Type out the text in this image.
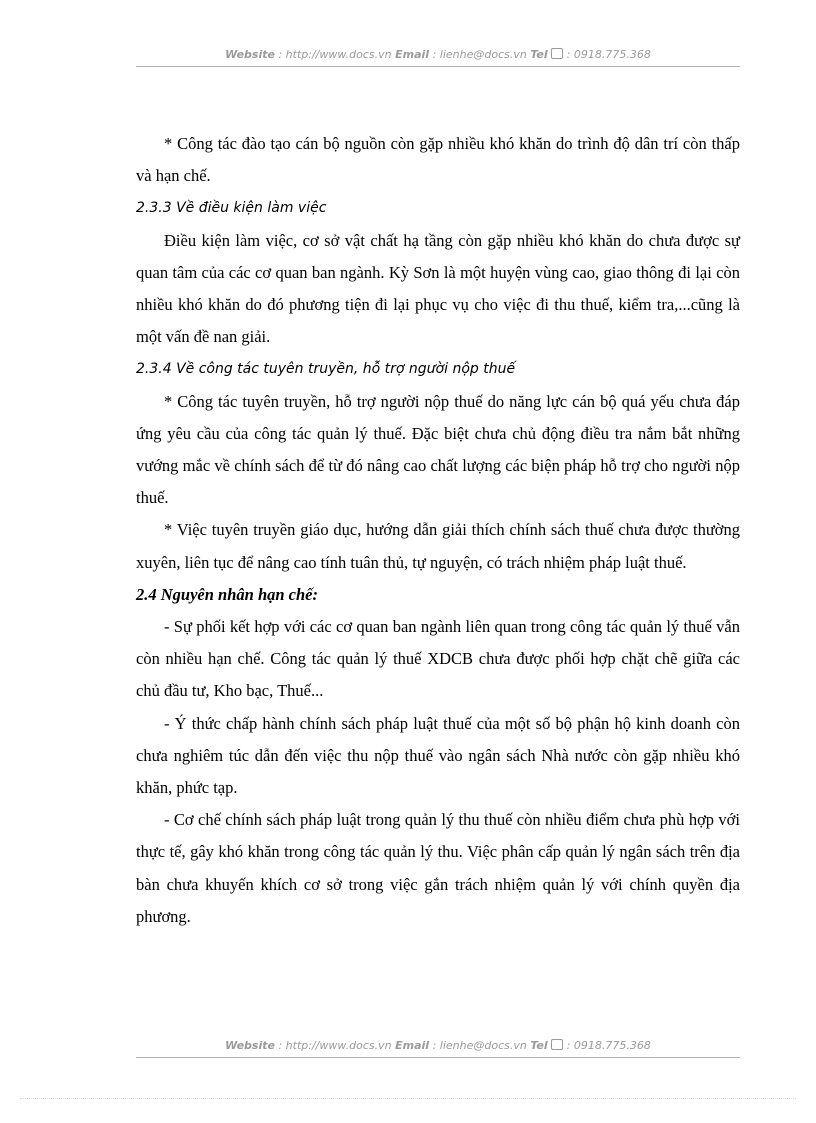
Website : http://www.docs.vn Email : lienhe@docs.vn Tel : 0918.775.368

* Công tác đào tạo cán bộ nguồn còn gặp nhiều khó khăn do trình độ dân trí còn thấp và hạn chế.

2.3.3 Về điều kiện làm việc

Điều kiện làm việc, cơ sở vật chất hạ tầng còn gặp nhiều khó khăn do chưa được sự quan tâm của các cơ quan ban ngành. Kỳ Sơn là một huyện vùng cao, giao thông đi lại còn nhiều khó khăn do đó phương tiện đi lại phục vụ cho việc đi thu thuế, kiểm tra,...cũng là một vấn đề nan giải.

2.3.4 Về công tác tuyên truyền, hỗ trợ người nộp thuế

* Công tác tuyên truyền, hỗ trợ người nộp thuế do năng lực cán bộ quá yếu chưa đáp ứng yêu cầu của công tác quản lý thuế. Đặc biệt chưa chủ động điều tra nắm bắt những vướng mắc về chính sách để từ đó nâng cao chất lượng các biện pháp hỗ trợ cho người nộp thuế.

* Việc tuyên truyền giáo dục, hướng dẫn giải thích chính sách thuế chưa được thường xuyên, liên tục để nâng cao tính tuân thủ, tự nguyện, có trách nhiệm pháp luật thuế.

2.4 Nguyên nhân hạn chế:

- Sự phối kết hợp với các cơ quan ban ngành liên quan trong công tác quản lý thuế vẫn còn nhiều hạn chế. Công tác quản lý thuế XDCB chưa được phối hợp chặt chẽ giữa các chủ đầu tư, Kho bạc, Thuế...

- Ý thức chấp hành chính sách pháp luật thuế của một số bộ phận hộ kinh doanh còn chưa nghiêm túc dẫn đến việc thu nộp thuế vào ngân sách Nhà nước còn gặp nhiều khó khăn, phức tạp.

- Cơ chế chính sách pháp luật trong quản lý thu thuế còn nhiều điểm chưa phù hợp với thực tế, gây khó khăn trong công tác quản lý thu. Việc phân cấp quản lý ngân sách trên địa bàn chưa khuyến khích cơ sở trong việc gắn trách nhiệm quản lý với chính quyền địa phương.

Website : http://www.docs.vn Email : lienhe@docs.vn Tel : 0918.775.368
